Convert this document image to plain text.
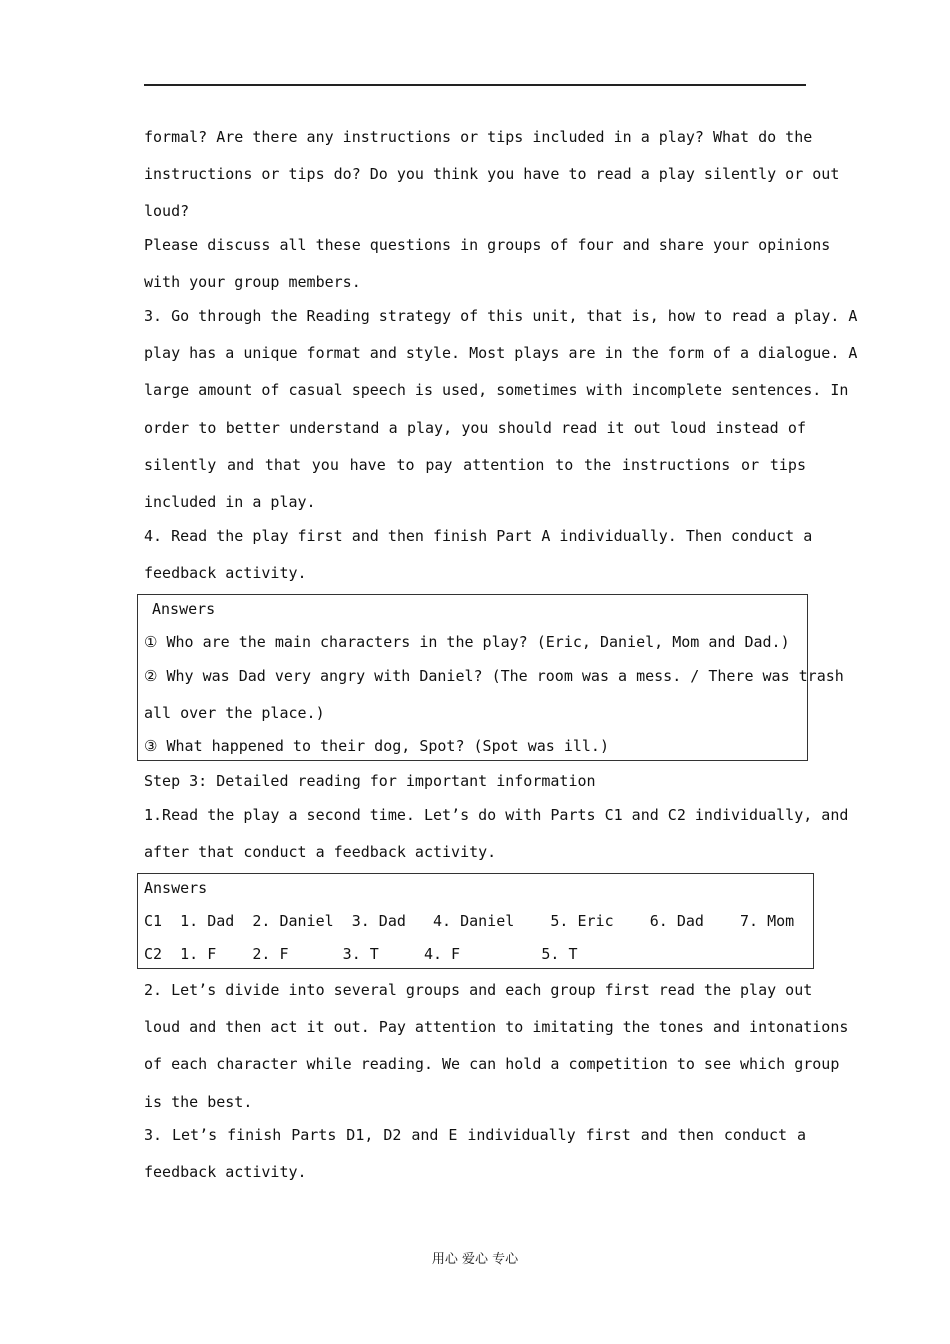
formal? Are there any instructions or tips included in a play? What do the
instructions or tips do? Do you think you have to read a play silently or out
loud?
Please discuss all these questions in groups of four and share your opinions
with your group members.
3. Go through the Reading strategy of this unit, that is, how to read a play. A
play has a unique format and style. Most plays are in the form of a dialogue. A
large amount of casual speech is used, sometimes with incomplete sentences. In
order to better understand a play, you should read it out loud instead of
silently and that you have to pay attention to the instructions or tips
included in a play.
4. Read the play first and then finish Part A individually. Then conduct a
feedback activity.
Answers
① Who are the main characters in the play? (Eric, Daniel, Mom and Dad.)
② Why was Dad very angry with Daniel? (The room was a mess. / There was trash
all over the place.)
③ What happened to their dog, Spot? (Spot was ill.)
Step 3: Detailed reading for important information
1.Read the play a second time. Let’s do with Parts C1 and C2 individually, and
after that conduct a feedback activity.
Answers
C1  1. Dad  2. Daniel  3. Dad   4. Daniel    5. Eric    6. Dad    7. Mom
C2  1. F    2. F      3. T     4. F         5. T
2. Let’s divide into several groups and each group first read the play out
loud and then act it out. Pay attention to imitating the tones and intonations
of each character while reading. We can hold a competition to see which group
is the best.
3. Let’s finish Parts D1, D2 and E individually first and then conduct a
feedback activity.
用心 爱心 专心
